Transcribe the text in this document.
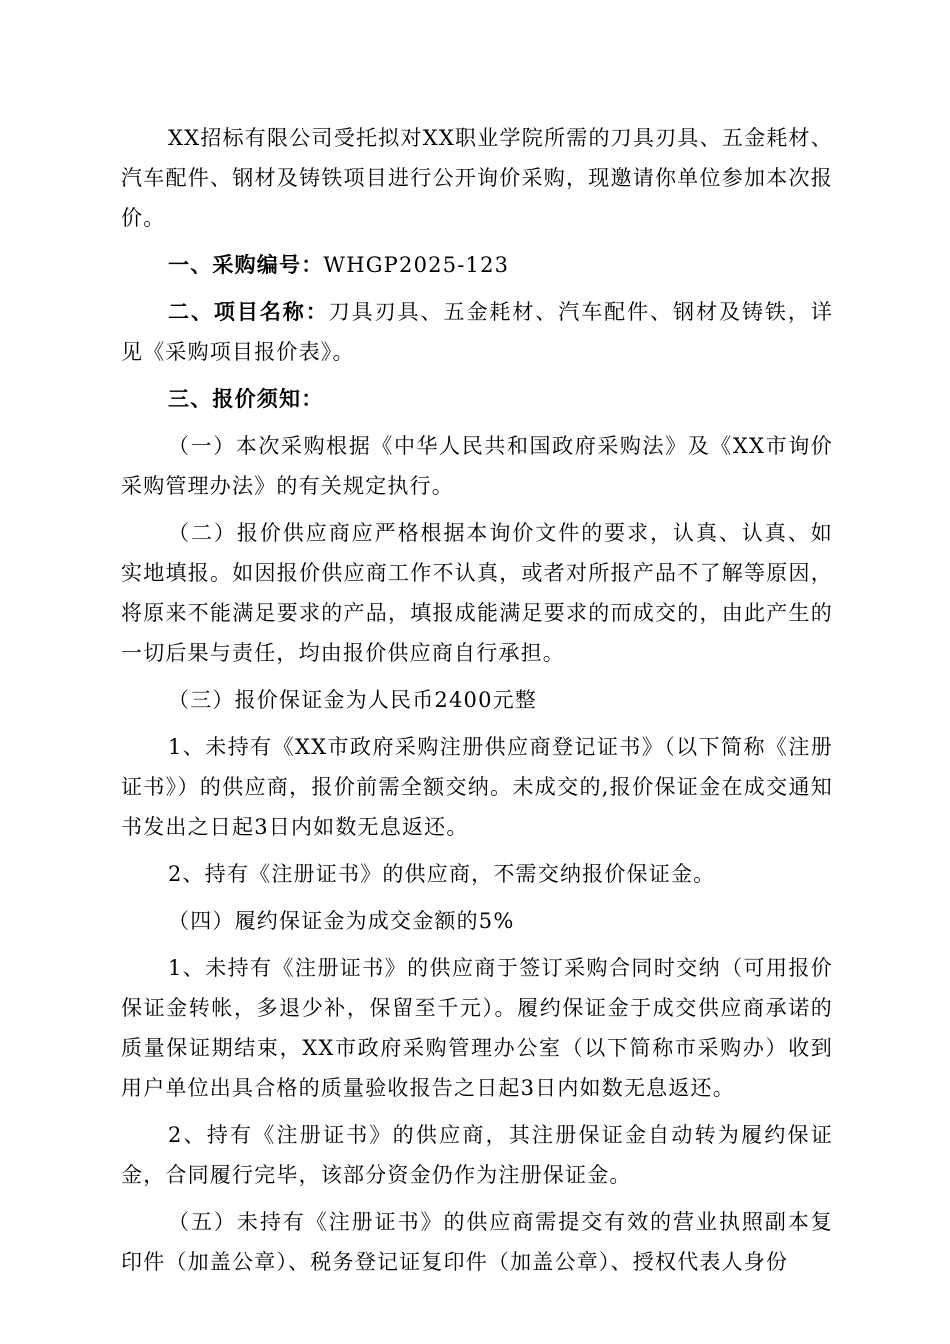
XX招标有限公司受托拟对XX职业学院所需的刀具刃具、五金耗材、汽车配件、钢材及铸铁项目进行公开询价采购，现邀请你单位参加本次报价。

一、采购编号：WHGP2025-123

二、项目名称：刀具刃具、五金耗材、汽车配件、钢材及铸铁，详见《采购项目报价表》。

三、报价须知：

（一）本次采购根据《中华人民共和国政府采购法》及《XX市询价采购管理办法》的有关规定执行。

（二）报价供应商应严格根据本询价文件的要求，认真、认真、如实地填报。如因报价供应商工作不认真，或者对所报产品不了解等原因，将原来不能满足要求的产品，填报成能满足要求的而成交的，由此产生的一切后果与责任，均由报价供应商自行承担。

（三）报价保证金为人民币2400元整

1、未持有《XX市政府采购注册供应商登记证书》（以下简称《注册证书》）的供应商，报价前需全额交纳。未成交的,报价保证金在成交通知书发出之日起3日内如数无息返还。

2、持有《注册证书》的供应商，不需交纳报价保证金。

（四）履约保证金为成交金额的5%

1、未持有《注册证书》的供应商于签订采购合同时交纳（可用报价保证金转帐，多退少补，保留至千元）。履约保证金于成交供应商承诺的质量保证期结束，XX市政府采购管理办公室（以下简称市采购办）收到用户单位出具合格的质量验收报告之日起3日内如数无息返还。

2、持有《注册证书》的供应商，其注册保证金自动转为履约保证金，合同履行完毕，该部分资金仍作为注册保证金。

（五）未持有《注册证书》的供应商需提交有效的营业执照副本复印件（加盖公章）、税务登记证复印件（加盖公章）、授权代表人身份
